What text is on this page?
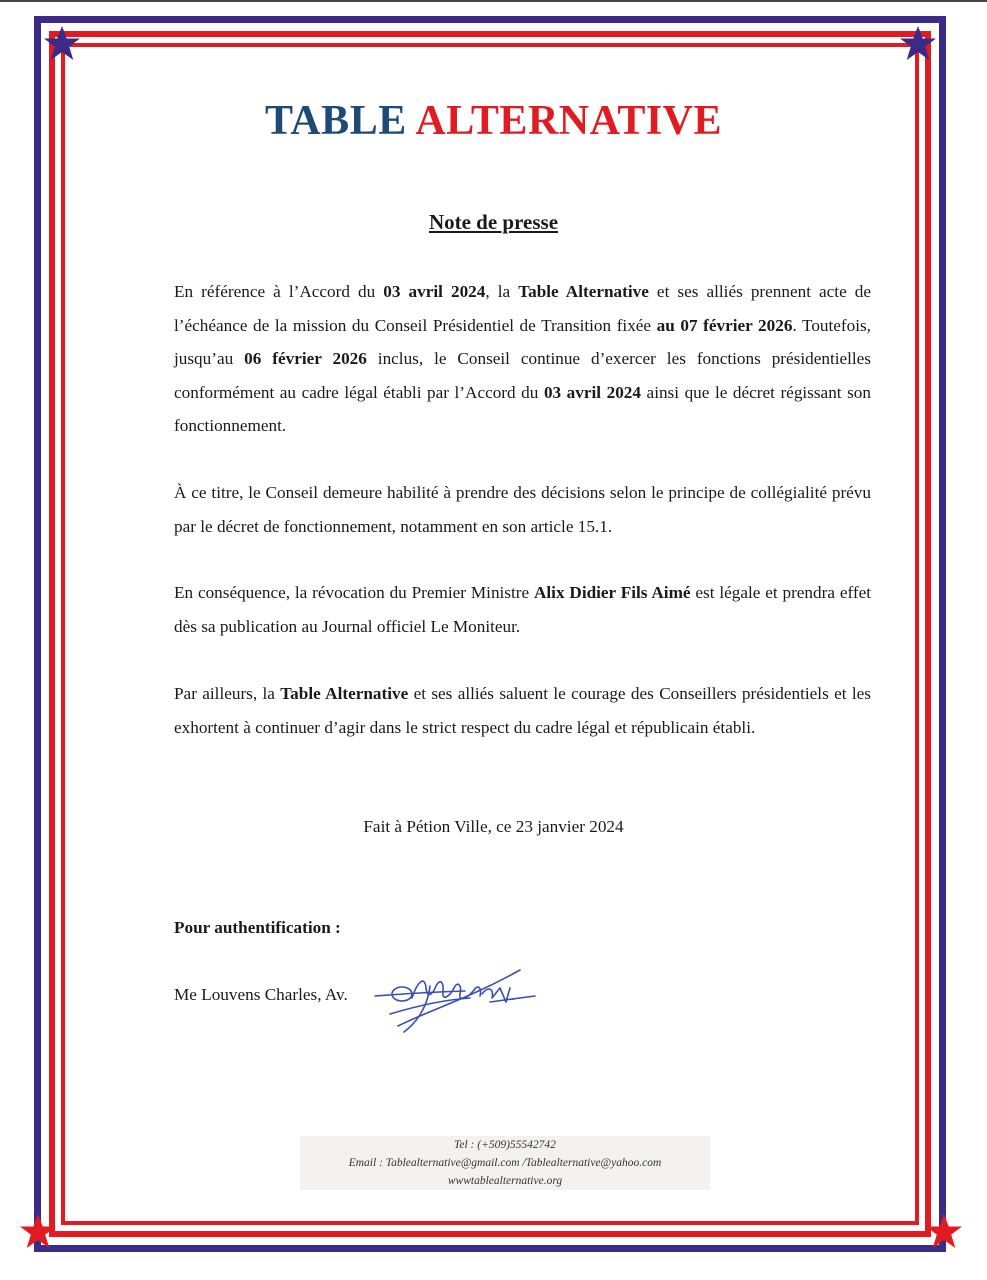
TABLE ALTERNATIVE
Note de presse

En référence à l’Accord du 03 avril 2024, la Table Alternative et ses alliés prennent acte de l’échéance de la mission du Conseil Présidentiel de Transition fixée au 07 février 2026. Toutefois, jusqu’au 06 février 2026 inclus, le Conseil continue d’exercer les fonctions présidentielles conformément au cadre légal établi par l’Accord du 03 avril 2024 ainsi que le décret régissant son fonctionnement.

À ce titre, le Conseil demeure habilité à prendre des décisions selon le principe de collégialité prévu par le décret de fonctionnement, notamment en son article 15.1.

En conséquence, la révocation du Premier Ministre Alix Didier Fils Aimé est légale et prendra effet dès sa publication au Journal officiel Le Moniteur.

Par ailleurs, la Table Alternative et ses alliés saluent le courage des Conseillers présidentiels et les exhortent à continuer d’agir dans le strict respect du cadre légal et républicain établi.

Fait à Pétion Ville, ce 23 janvier 2024
Pour authentification :
Me Louvens Charles, Av.	.
Tel : (+509)55542742
Email : Tablealternative@gmail.com /Tablealternative@yahoo.com
wwwtablealternative.org
